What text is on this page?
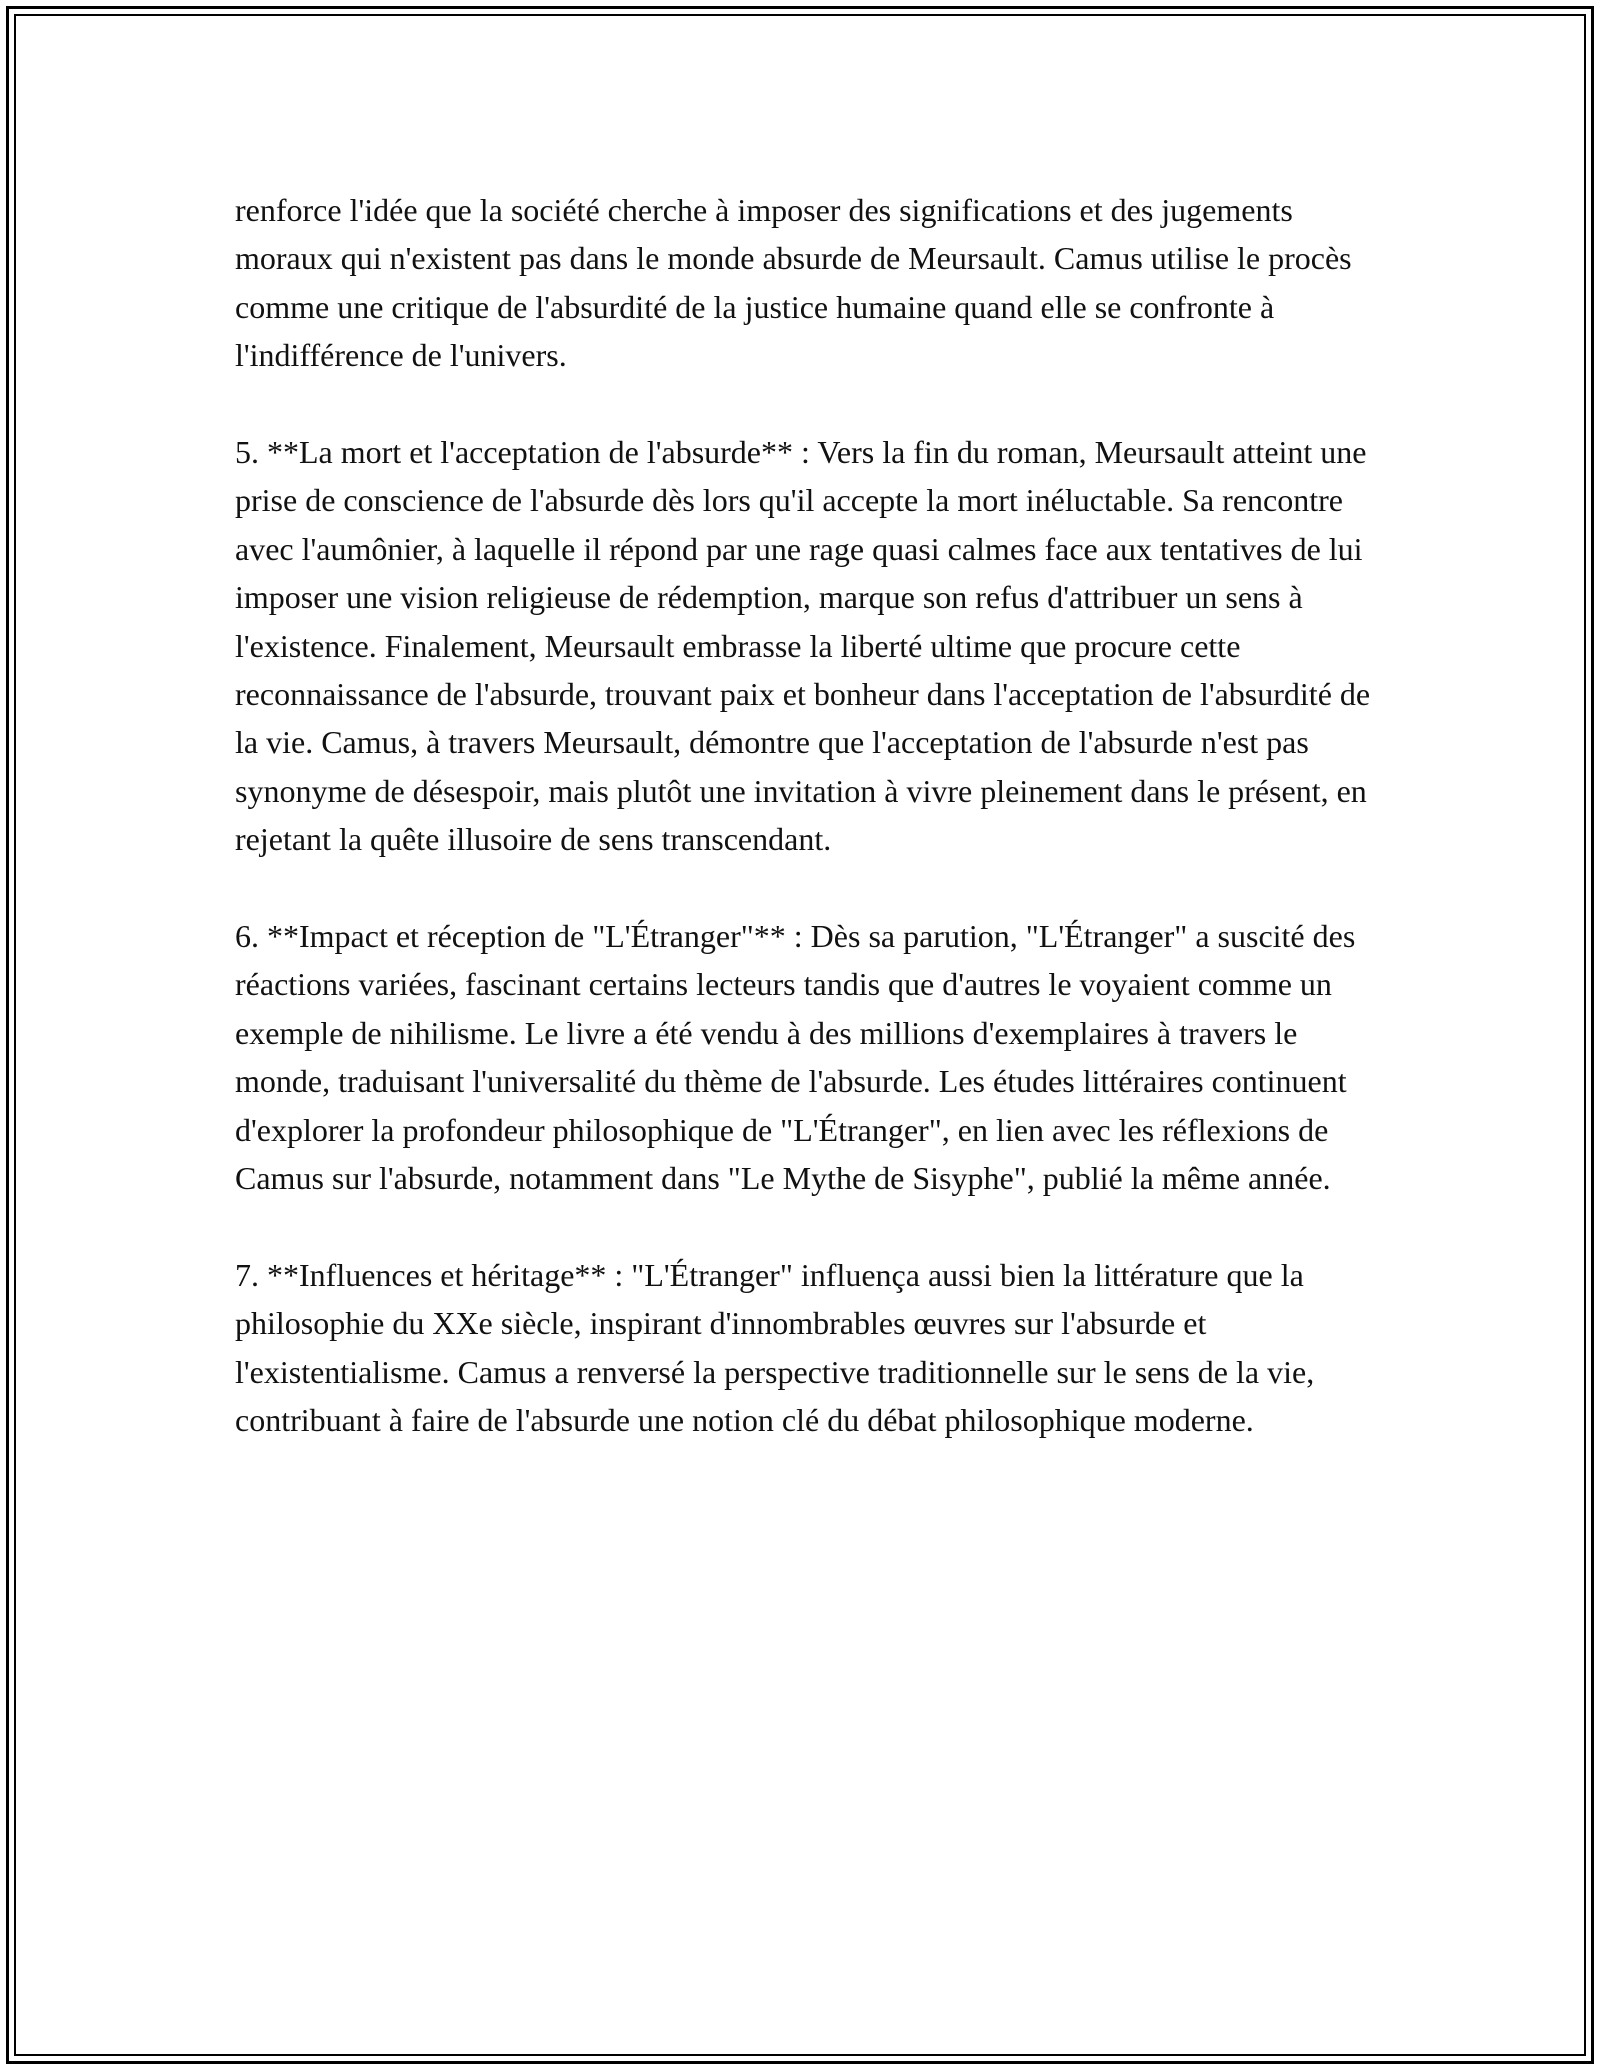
renforce l'idée que la société cherche à imposer des significations et des jugements moraux qui n'existent pas dans le monde absurde de Meursault. Camus utilise le procès comme une critique de l'absurdité de la justice humaine quand elle se confronte à l'indifférence de l'univers.

5. **La mort et l'acceptation de l'absurde** : Vers la fin du roman, Meursault atteint une prise de conscience de l'absurde dès lors qu'il accepte la mort inéluctable. Sa rencontre avec l'aumônier, à laquelle il répond par une rage quasi calmes face aux tentatives de lui imposer une vision religieuse de rédemption, marque son refus d'attribuer un sens à l'existence. Finalement, Meursault embrasse la liberté ultime que procure cette reconnaissance de l'absurde, trouvant paix et bonheur dans l'acceptation de l'absurdité de la vie. Camus, à travers Meursault, démontre que l'acceptation de l'absurde n'est pas synonyme de désespoir, mais plutôt une invitation à vivre pleinement dans le présent, en rejetant la quête illusoire de sens transcendant.

6. **Impact et réception de "L'Étranger"** : Dès sa parution, "L'Étranger" a suscité des réactions variées, fascinant certains lecteurs tandis que d'autres le voyaient comme un exemple de nihilisme. Le livre a été vendu à des millions d'exemplaires à travers le monde, traduisant l'universalité du thème de l'absurde. Les études littéraires continuent d'explorer la profondeur philosophique de "L'Étranger", en lien avec les réflexions de Camus sur l'absurde, notamment dans "Le Mythe de Sisyphe", publié la même année.

7. **Influences et héritage** : "L'Étranger" influença aussi bien la littérature que la philosophie du XXe siècle, inspirant d'innombrables œuvres sur l'absurde et l'existentialisme. Camus a renversé la perspective traditionnelle sur le sens de la vie, contribuant à faire de l'absurde une notion clé du débat philosophique moderne.
